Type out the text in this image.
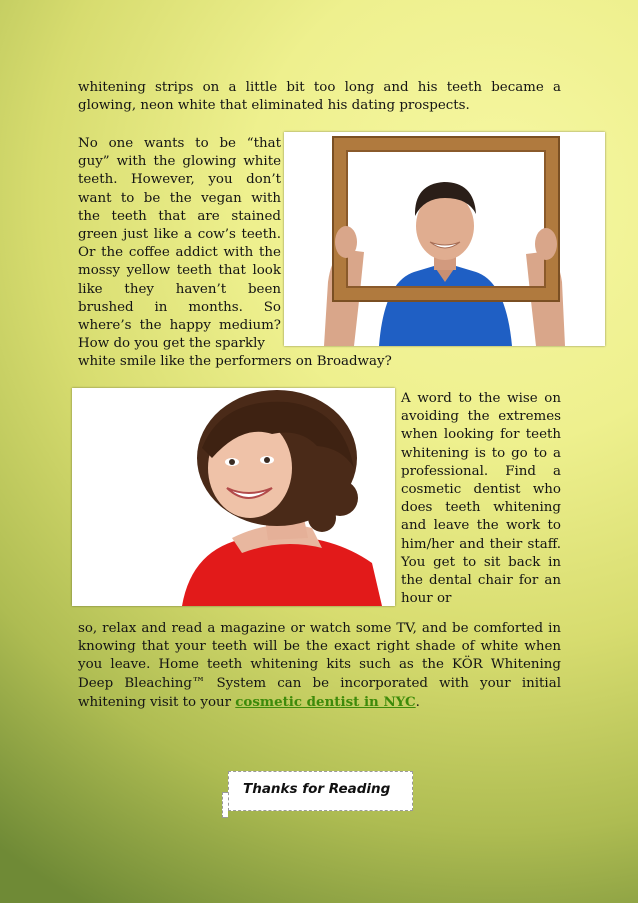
whitening strips on a little bit too long and his teeth became a glowing, neon white that eliminated his dating prospects.

No one wants to be “that guy” with the glowing white teeth. However, you don’t want to be the vegan with the teeth that are stained green just like a cow’s teeth. Or the coffee addict with the mossy yellow teeth that look like they haven’t been brushed in months. So where’s the happy medium? How do you get the sparkly

white smile like the performers on Broadway?

A word to the wise on avoiding the extremes when looking for teeth whitening is to go to a professional. Find a cosmetic dentist who does teeth whitening and leave the work to him/her and their staff. You get to sit back in the dental chair for an hour or

so, relax and read a magazine or watch some TV, and be comforted in knowing that your teeth will be the exact right shade of white when you leave. Home teeth whitening kits such as the KÖR Whitening Deep Bleaching™ System can be incorporated with your initial whitening visit to your cosmetic dentist in NYC.

Thanks for Reading
